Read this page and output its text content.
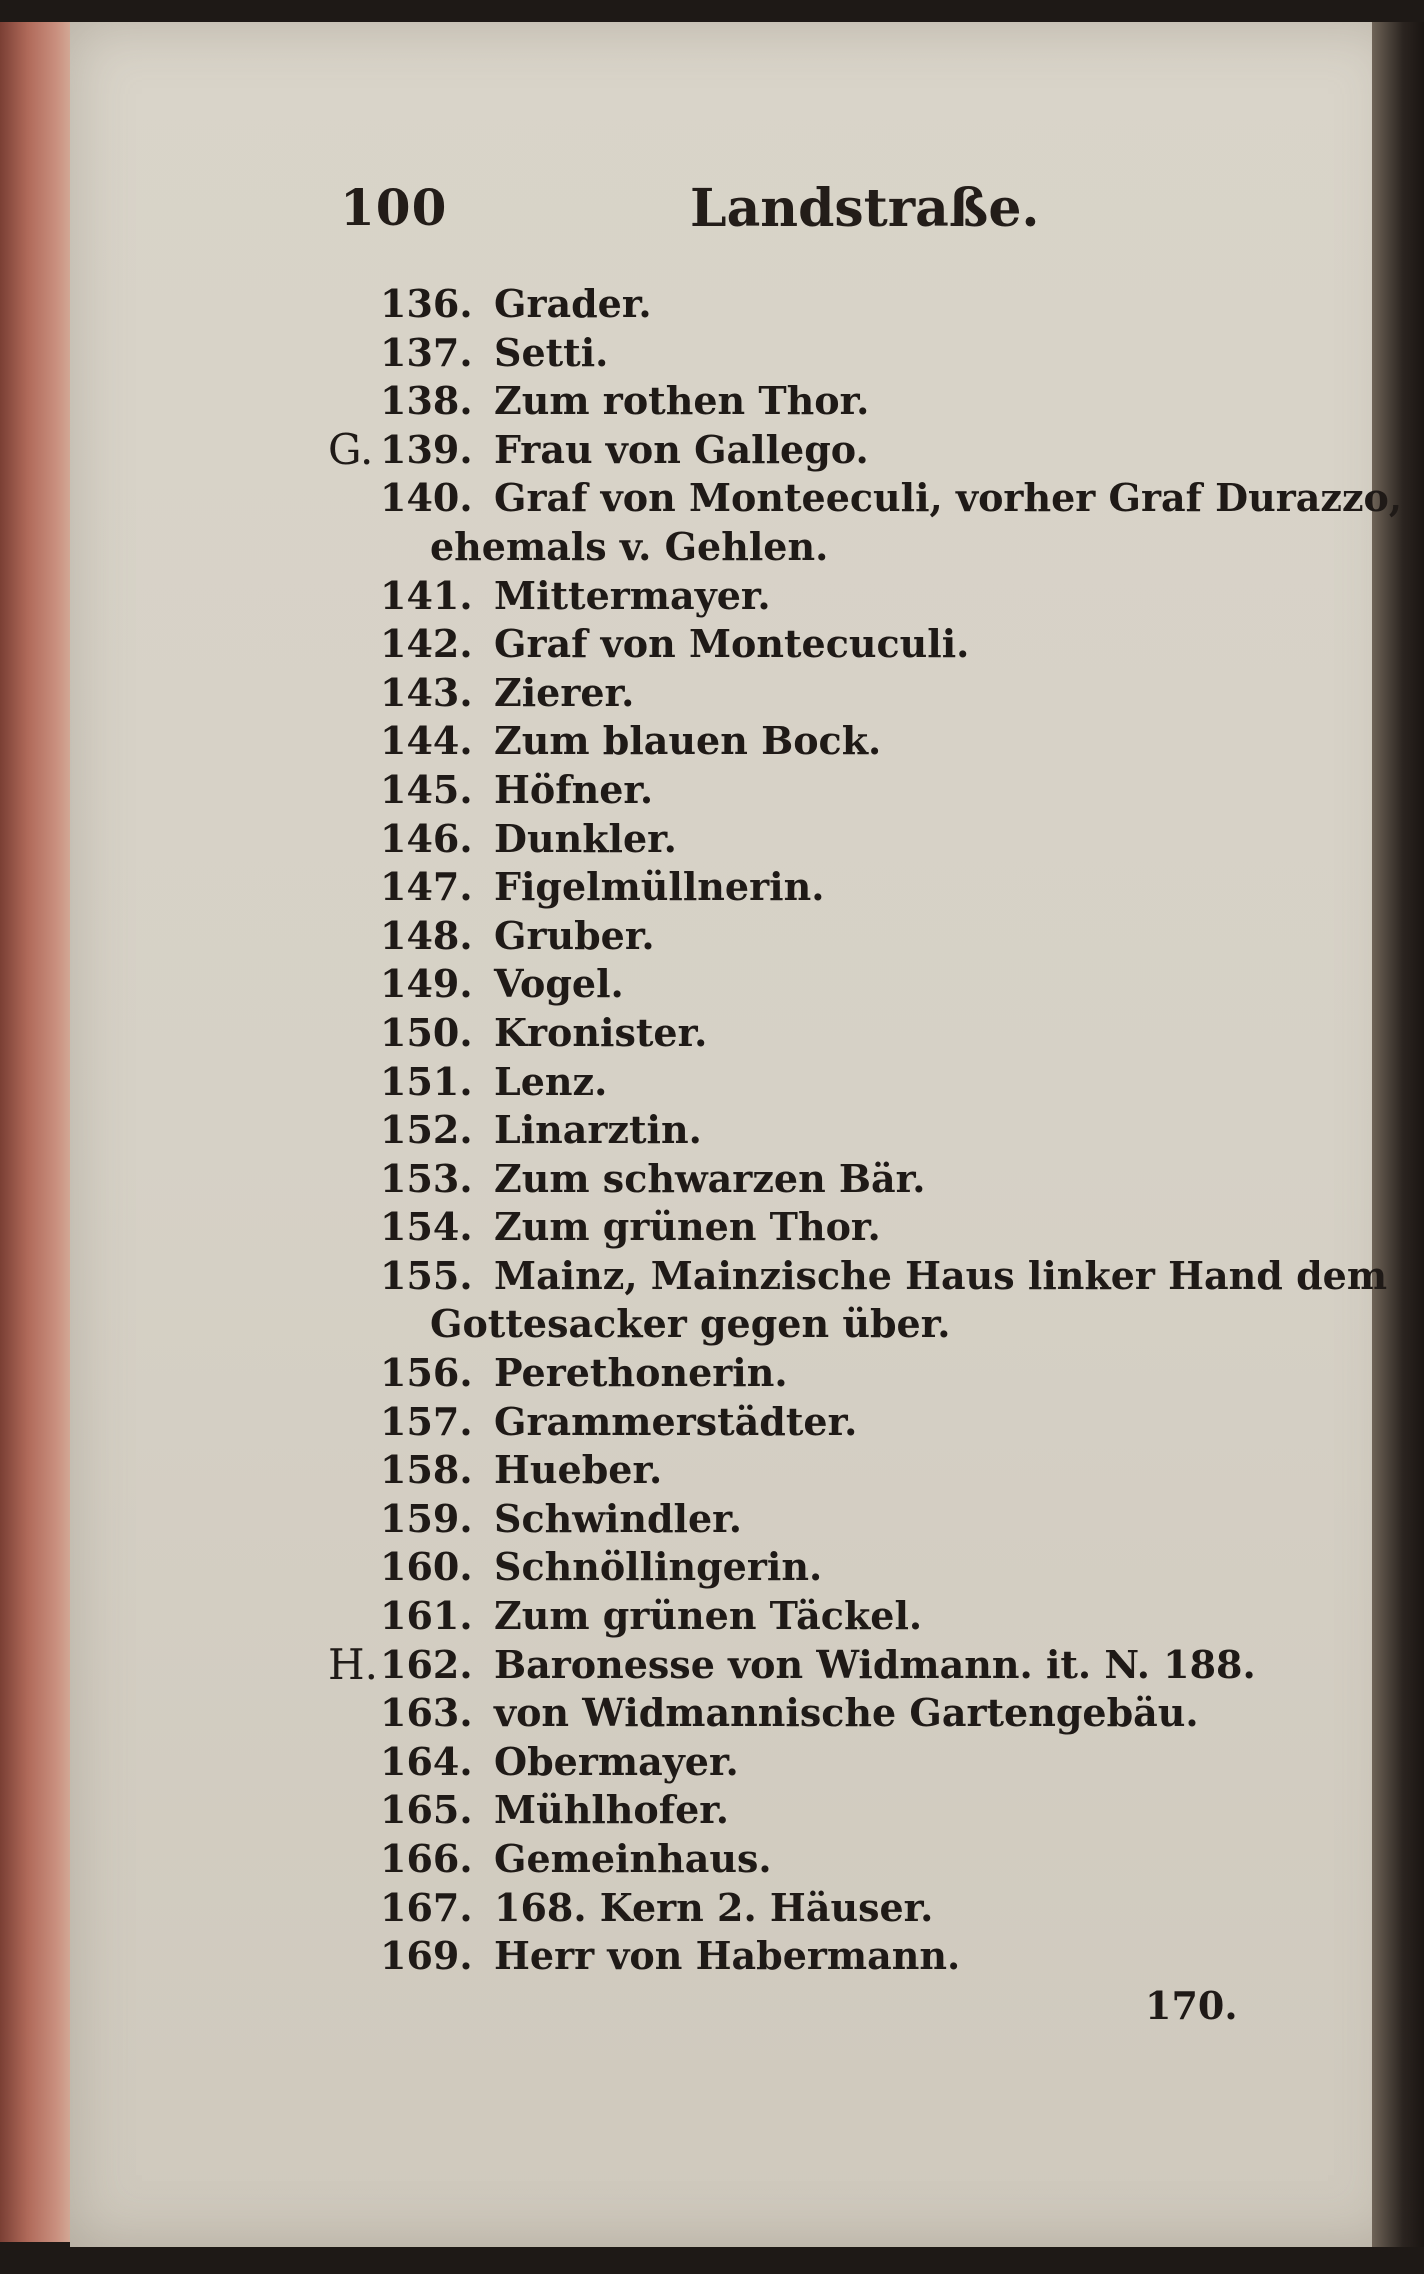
100	Landstraße.
136. Grader.
137. Setti.
138. Zum rothen Thor.
G. 139. Frau von Gallego.
140. Graf von Monteeculi, vorher Graf Durazzo,
ehemals v. Gehlen.
141. Mittermayer.
142. Graf von Montecuculi.
143. Zierer.
144. Zum blauen Bock.
145. Höfner.
146. Dunkler.
147. Figelmüllnerin.
148. Gruber.
149. Vogel.
150. Kronister.
151. Lenz.
152. Linarztin.
153. Zum schwarzen Bär.
154. Zum grünen Thor.
155. Mainz, Mainzische Haus linker Hand dem
Gottesacker gegen über.
156. Perethonerin.
157. Grammerstädter.
158. Hueber.
159. Schwindler.
160. Schnöllingerin.
161. Zum grünen Täckel.
H. 162. Baronesse von Widmann. it. N. 188.
163. von Widmannische Gartengebäu.
164. Obermayer.
165. Mühlhofer.
166. Gemeinhaus.
167. 168. Kern 2. Häuser.
169. Herr von Habermann.
170.
